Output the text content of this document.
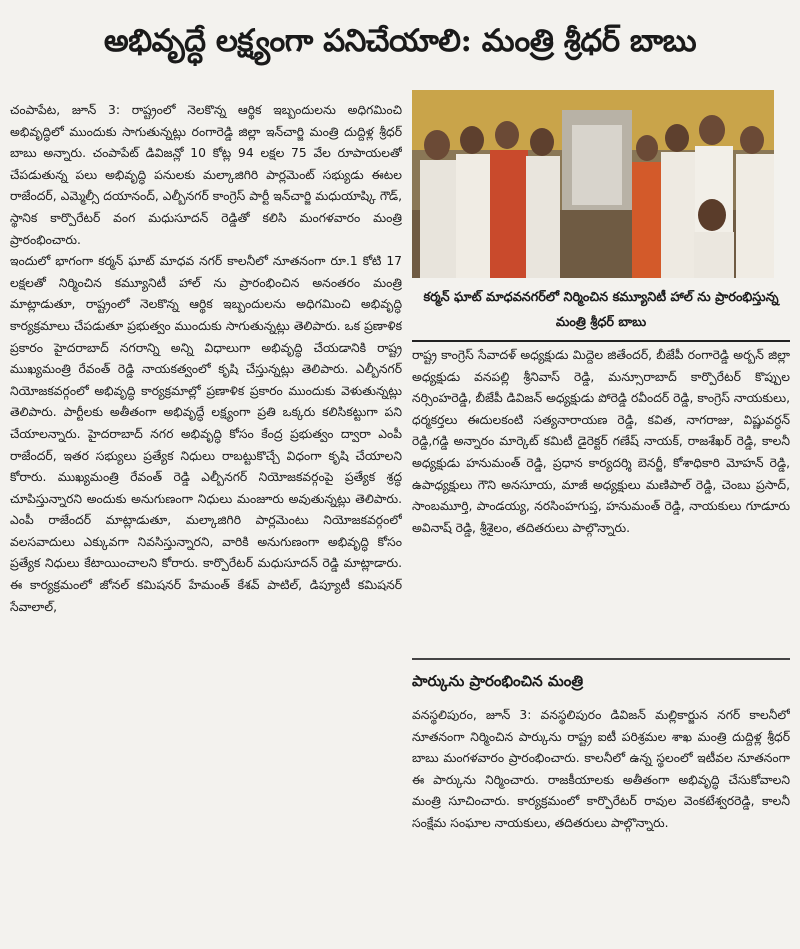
అభివృద్ధే లక్ష్యంగా పనిచేయాలి: మంత్రి శ్రీధర్ బాబు

చంపాపేట, జూన్ 3: రాష్ట్రంలో నెలకొన్న ఆర్థిక ఇబ్బందులను అధిగమించి అభివృద్ధిలో ముందుకు సాగుతున్నట్లు రంగారెడ్డి జిల్లా ఇన్‌చార్జి మంత్రి దుద్దిళ్ల శ్రీధర్ బాబు అన్నారు. చంపాపేట్ డివిజన్లో 10 కోట్ల 94 లక్షల 75 వేల రూపాయలతో చేపడుతున్న పలు అభివృద్ధి పనులకు మల్కాజిగిరి పార్లమెంట్ సభ్యుడు ఈటల రాజేందర్, ఎమ్మెల్సీ దయానంద్, ఎల్బీనగర్ కాంగ్రెస్ పార్టీ ఇన్‌చార్జి మధుయాష్కి గౌడ్, స్థానిక కార్పొరేటర్ వంగ మధుసూదన్ రెడ్డితో కలిసి మంగళవారం మంత్రి ప్రారంభించారు.

ఇందులో భాగంగా కర్మన్ ఘాట్ మాధవ నగర్ కాలనీలో నూతనంగా రూ.1 కోటి 17 లక్షలతో నిర్మించిన కమ్యూనిటీ హాల్ ను ప్రారంభించిన అనంతరం మంత్రి మాట్లాడుతూ, రాష్ట్రంలో నెలకొన్న ఆర్థిక ఇబ్బందులను అధిగమించి అభివృద్ధి కార్యక్రమాలు చేపడుతూ ప్రభుత్వం ముందుకు సాగుతున్నట్లు తెలిపారు. ఒక ప్రణాళిక ప్రకారం హైదరాబాద్ నగరాన్ని అన్ని విధాలుగా అభివృద్ధి చేయడానికి రాష్ట్ర ముఖ్యమంత్రి రేవంత్ రెడ్డి నాయకత్వంలో కృషి చేస్తున్నట్లు తెలిపారు. ఎల్బీనగర్ నియోజకవర్గంలో అభివృద్ధి కార్యక్రమాల్లో ప్రణాళిక ప్రకారం ముందుకు వెళుతున్నట్లు తెలిపారు. పార్టీలకు అతీతంగా అభివృద్ధే లక్ష్యంగా ప్రతి ఒక్కరు కలిసికట్టుగా పని చేయాలన్నారు. హైదరాబాద్ నగర అభివృద్ధి కోసం కేంద్ర ప్రభుత్వం ద్వారా ఎంపీ రాజేందర్, ఇతర సభ్యులు ప్రత్యేక నిధులు రాబట్టుకొచ్చే విధంగా కృషి చేయాలని కోరారు. ముఖ్యమంత్రి రేవంత్ రెడ్డి ఎల్బీనగర్ నియోజకవర్గంపై ప్రత్యేక శ్రద్ధ చూపిస్తున్నారని అందుకు అనుగుణంగా నిధులు మంజూరు అవుతున్నట్లు తెలిపారు. ఎంపీ రాజేందర్ మాట్లాడుతూ, మల్కాజిగిరి పార్లమెంటు నియోజకవర్గంలో వలసవాదులు ఎక్కువగా నివసిస్తున్నారని, వారికి అనుగుణంగా అభివృద్ధి కోసం ప్రత్యేక నిధులు కేటాయించాలని కోరారు. కార్పొరేటర్ మధుసూదన్ రెడ్డి మాట్లాడారు. ఈ కార్యక్రమంలో జోనల్ కమిషనర్ హేమంత్ కేశవ్ పాటిల్, డిప్యూటీ కమిషనర్ సేవాలాల్,

కర్మన్ ఘాట్ మాధవనగర్‌లో నిర్మించిన కమ్యూనిటీ హాల్ ను ప్రారంభిస్తున్న మంత్రి శ్రీధర్ బాబు

రాష్ట్ర కాంగ్రెస్ సేవాదళ్ అధ్యక్షుడు మిద్దెల జితేందర్, బీజేపీ రంగారెడ్డి అర్బన్ జిల్లా అధ్యక్షుడు వనపల్లి శ్రీనివాస్ రెడ్డి, మన్సూరాబాద్ కార్పొరేటర్ కొప్పుల నర్సింహరెడ్డి, బీజేపీ డివిజన్ అధ్యక్షుడు పోరెడ్డి రవీందర్ రెడ్డి, కాంగ్రెస్ నాయకులు, ధర్మకర్తలు ఈదులకంటి సత్యనారాయణ రెడ్డి, కవిత, నాగరాజు, విష్ణువర్ధన్ రెడ్డి,గడ్డి అన్నారం మార్కెట్ కమిటీ డైరెక్టర్ గణేష్ నాయక్, రాజశేఖర్ రెడ్డి, కాలనీ అధ్యక్షుడు హనుమంత్ రెడ్డి, ప్రధాన కార్యదర్శి బెనర్జీ, కోశాధికారి మోహన్ రెడ్డి, ఉపాధ్యక్షులు గౌని అనసూయ, మాజీ అధ్యక్షులు మణిపాల్ రెడ్డి, చెంబు ప్రసాద్, సాంబమూర్తి, పాండయ్య, నరసింహగుప్త, హనుమంత్ రెడ్డి, నాయకులు గూడూరు అవినాష్ రెడ్డి, శ్రీశైలం, తదితరులు పాల్గొన్నారు.

పార్కును ప్రారంభించిన మంత్రి

వనస్థలిపురం, జూన్ 3: వనస్థలిపురం డివిజన్ మల్లికార్జున నగర్ కాలనీలో నూతనంగా నిర్మించిన పార్కును రాష్ట్ర ఐటీ పరిశ్రమల శాఖ మంత్రి దుద్దిళ్ల శ్రీధర్ బాబు మంగళవారం ప్రారంభించారు. కాలనీలో ఉన్న స్థలంలో ఇటీవల నూతనంగా ఈ పార్కును నిర్మించారు. రాజకీయాలకు అతీతంగా అభివృద్ధి చేసుకోవాలని మంత్రి సూచించారు. కార్యక్రమంలో కార్పొరేటర్ రావుల వెంకటేశ్వరరెడ్డి, కాలనీ సంక్షేమ సంఘాల నాయకులు, తదితరులు పాల్గొన్నారు.
